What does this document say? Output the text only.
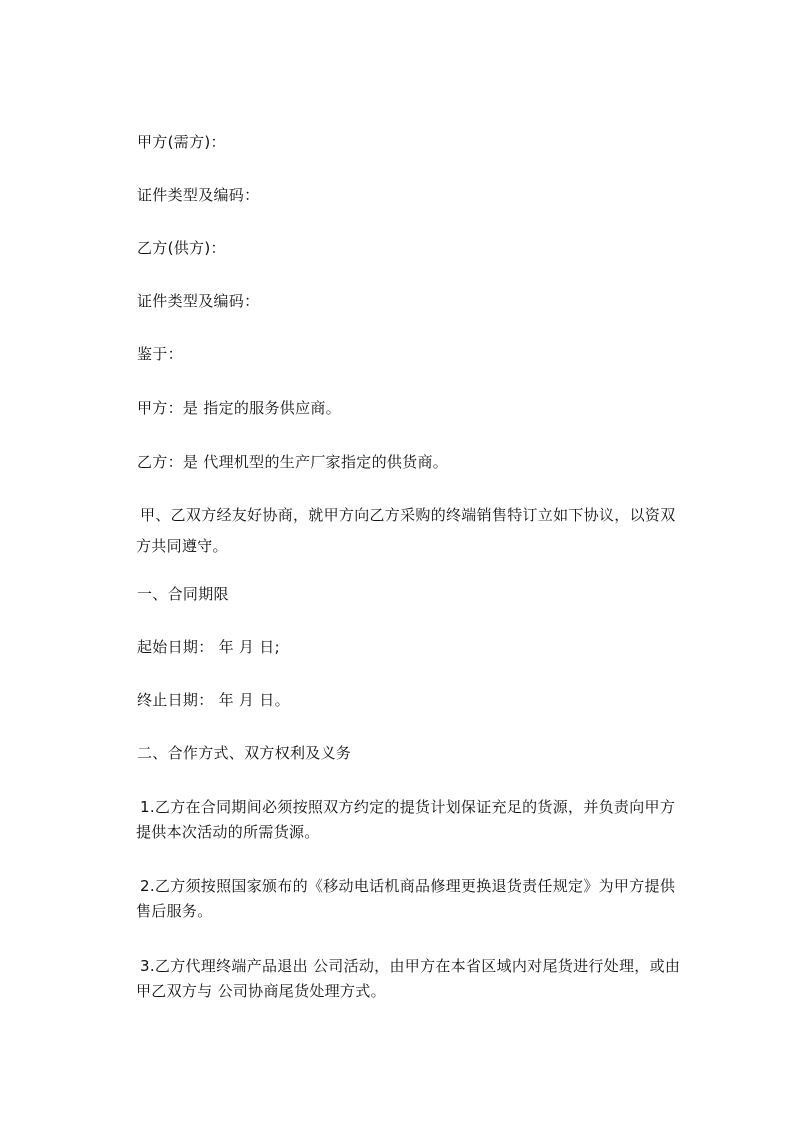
甲方(需方)：
证件类型及编码：
乙方(供方)：
证件类型及编码：
鉴于：
甲方：是 指定的服务供应商。
乙方：是 代理机型的生产厂家指定的供货商。
甲、乙双方经友好协商，就甲方向乙方采购的终端销售特订立如下协议，以资双
方共同遵守。
一、合同期限
起始日期： 年 月 日;
终止日期： 年 月 日。
二、合作方式、双方权利及义务
1.乙方在合同期间必须按照双方约定的提货计划保证充足的货源，并负责向甲方
提供本次活动的所需货源。
2.乙方须按照国家颁布的《移动电话机商品修理更换退货责任规定》为甲方提供
售后服务。
3.乙方代理终端产品退出 公司活动，由甲方在本省区域内对尾货进行处理，或由
甲乙双方与 公司协商尾货处理方式。
